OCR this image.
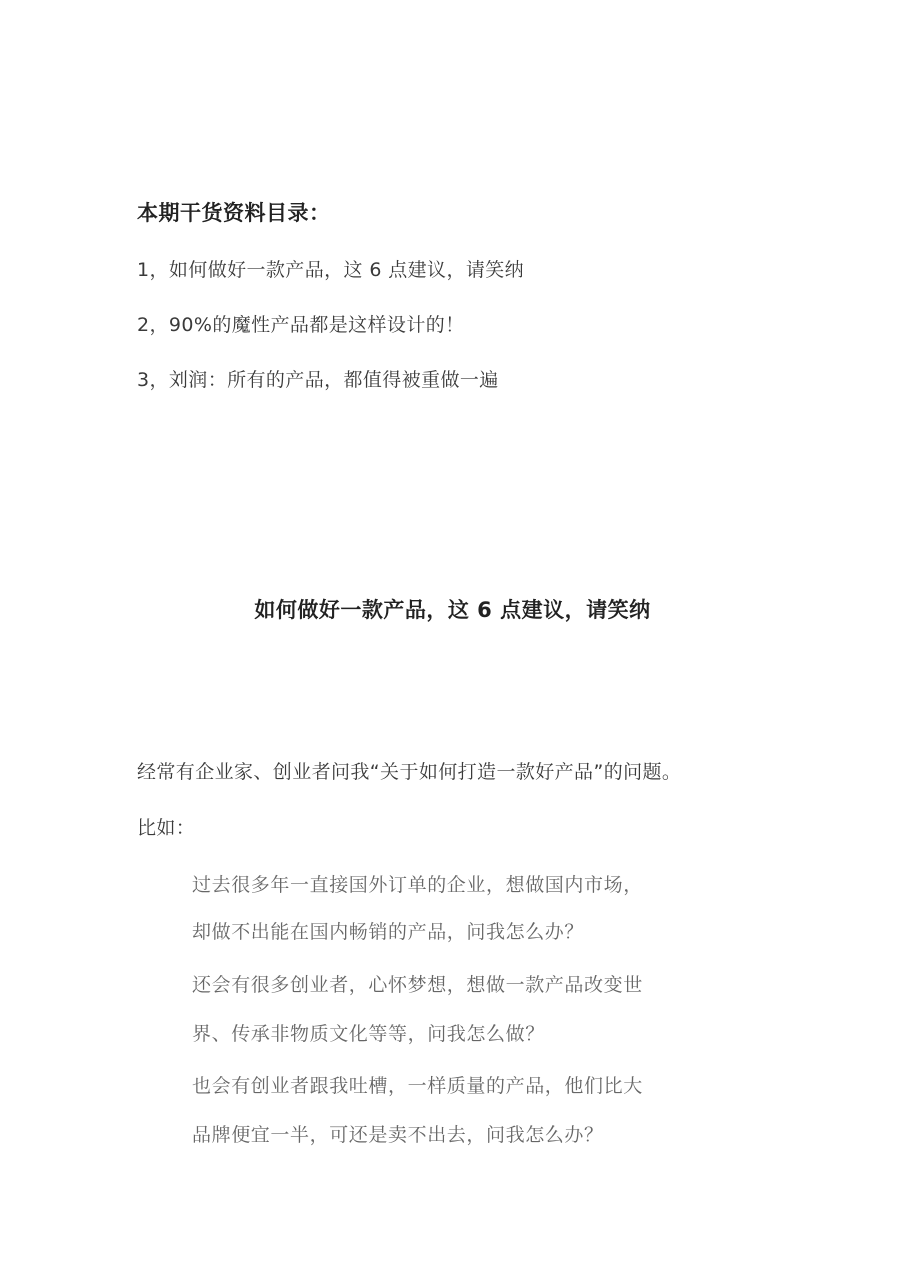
本期干货资料目录：
1，如何做好一款产品，这 6 点建议，请笑纳
2，90%的魔性产品都是这样设计的！
3，刘润：所有的产品，都值得被重做一遍
如何做好一款产品，这 6 点建议，请笑纳
经常有企业家、创业者问我“关于如何打造一款好产品”的问题。
比如：
过去很多年一直接国外订单的企业，想做国内市场，
却做不出能在国内畅销的产品，问我怎么办？
还会有很多创业者，心怀梦想，想做一款产品改变世
界、传承非物质文化等等，问我怎么做？
也会有创业者跟我吐槽，一样质量的产品，他们比大
品牌便宜一半，可还是卖不出去，问我怎么办？
